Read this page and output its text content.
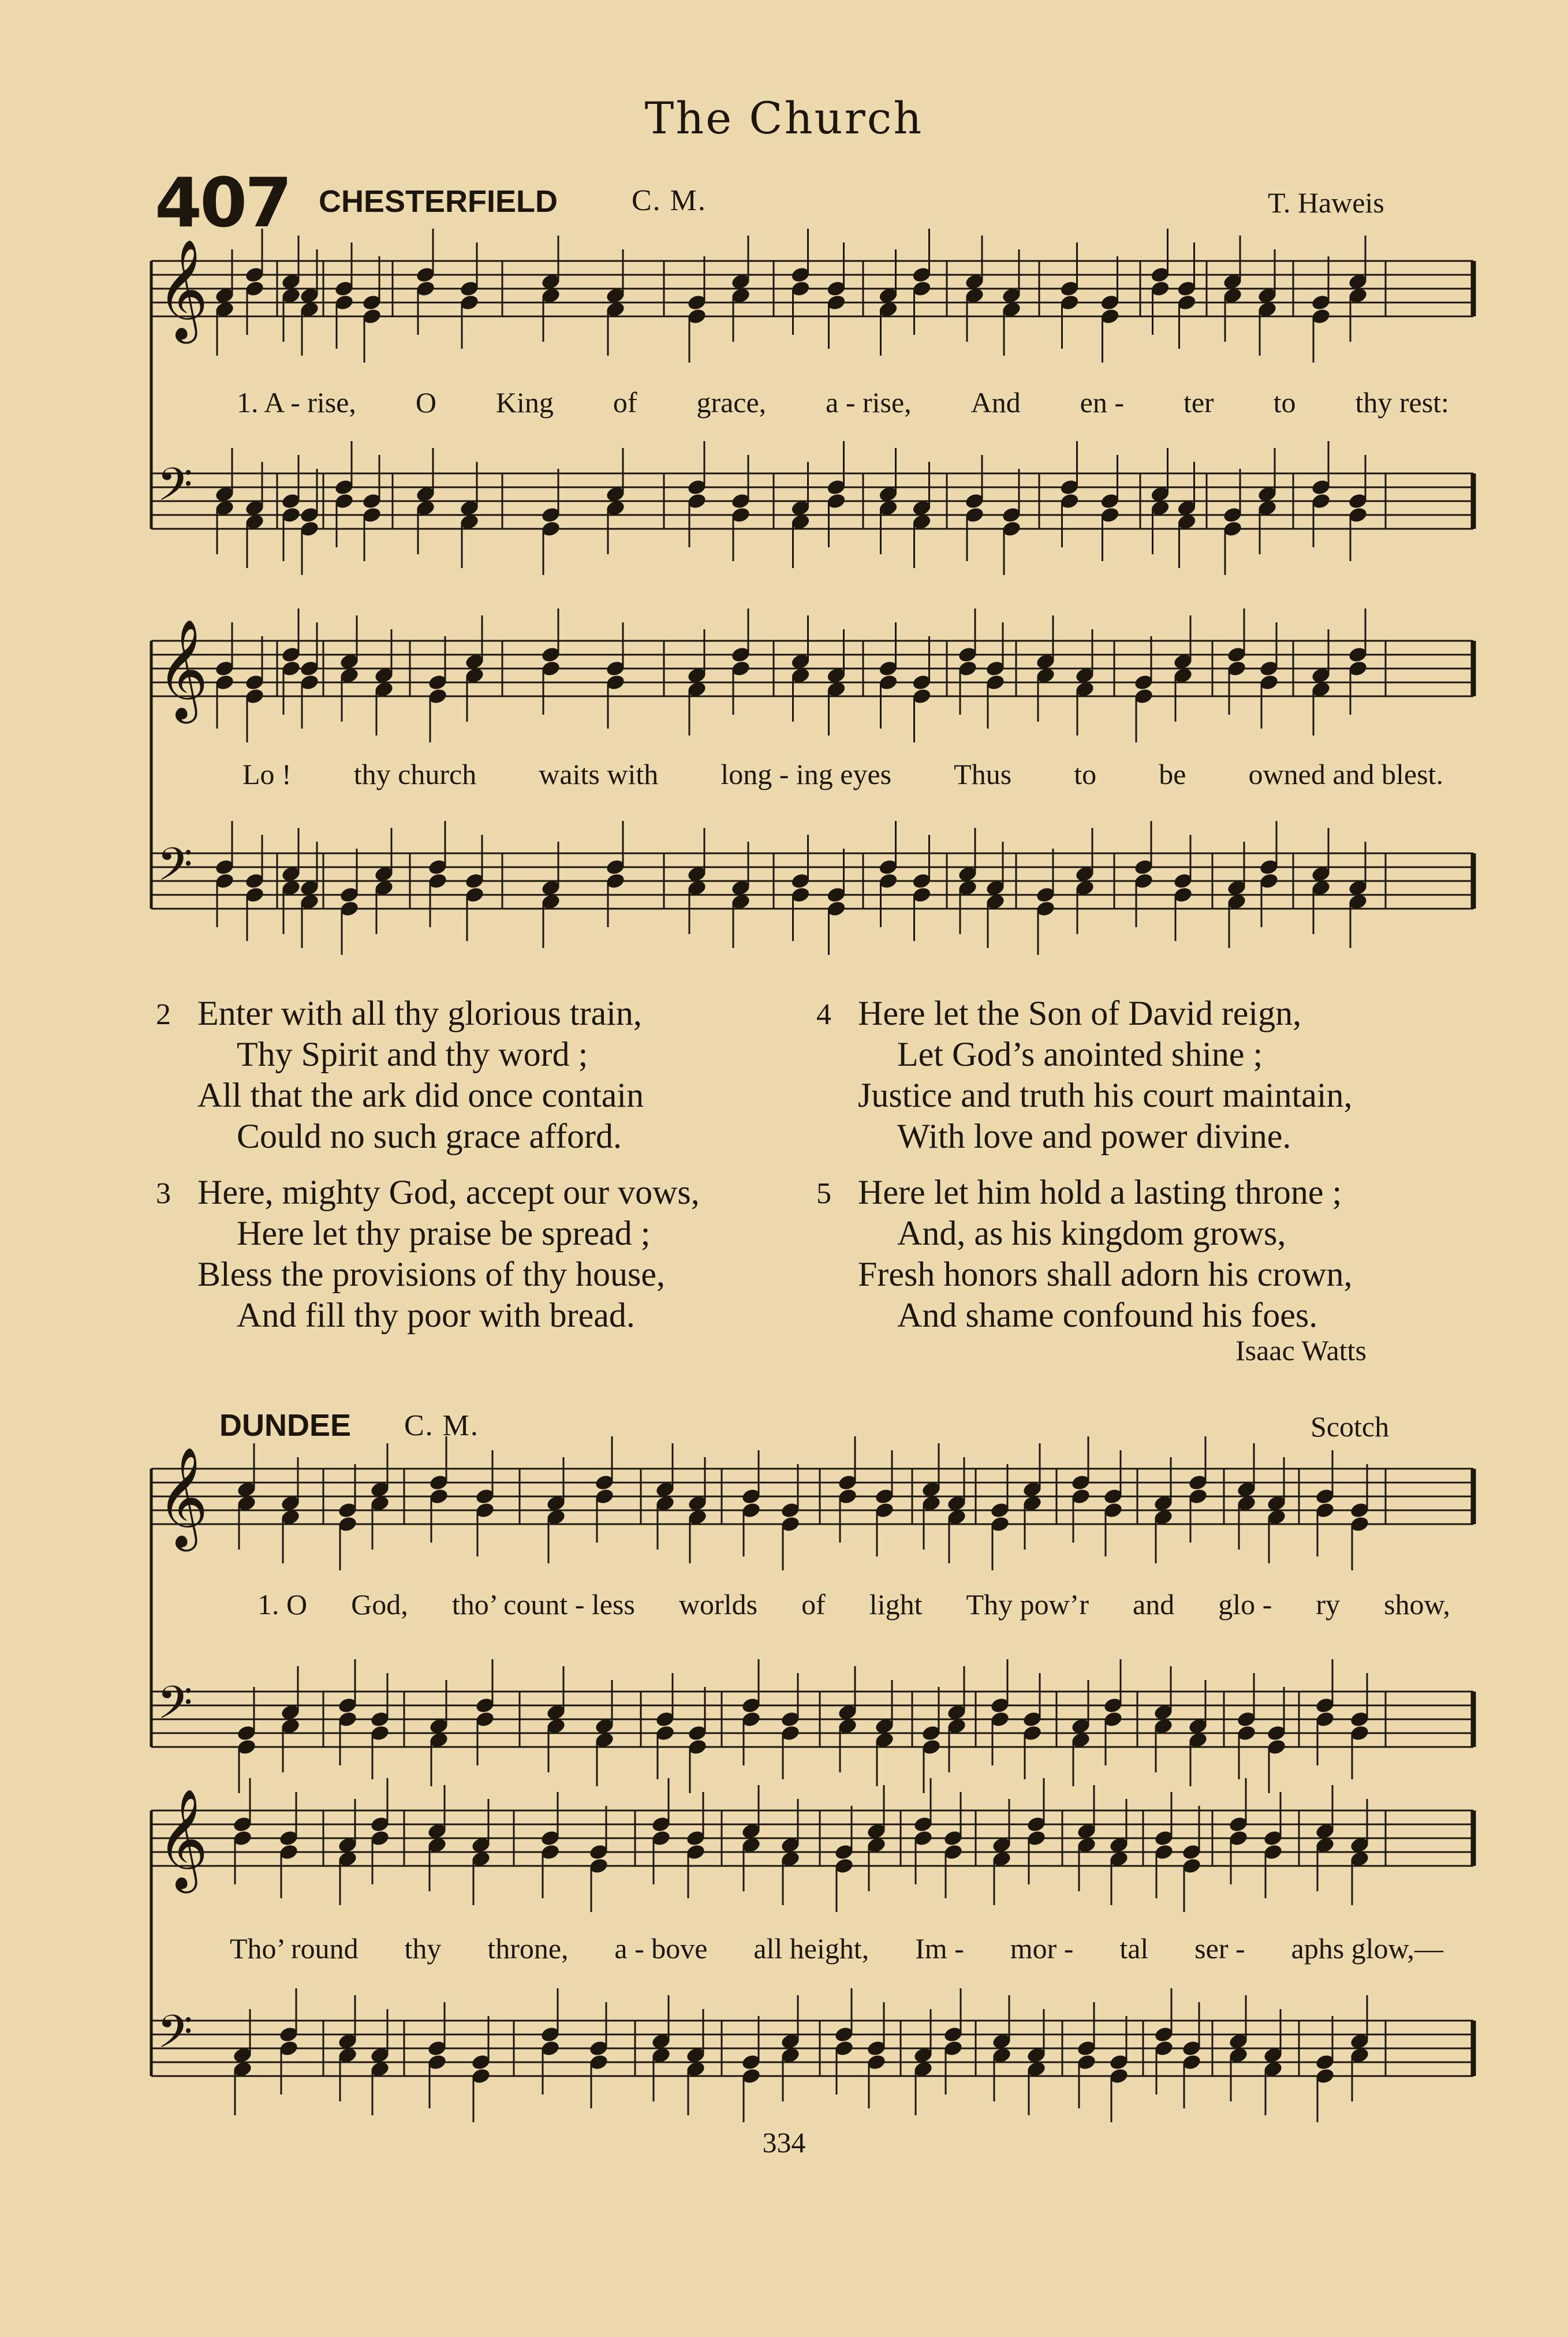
The Church
407 CHESTERFIELD C. M.	T. Haweis
𝄞
𝄢
𝄞
𝄢
𝄞
𝄢
𝄞
𝄢
1. A - rise, O King of grace, a - rise, And en - ter to thy rest:
Lo ! thy church waits with long - ing eyes Thus to be owned and blest.
2 Enter with all thy glorious train,
Thy Spirit and thy word ;
All that the ark did once contain
Could no such grace afford.
3 Here, mighty God, accept our vows,
Here let thy praise be spread ;
Bless the provisions of thy house,
And fill thy poor with bread.
4 Here let the Son of David reign,
Let God’s anointed shine ;
Justice and truth his court maintain,
With love and power divine.
5 Here let him hold a lasting throne ;
And, as his kingdom grows,
Fresh honors shall adorn his crown,
And shame confound his foes.
Isaac Watts
DUNDEE C. M.	Scotch
1. O God, tho’ count - less worlds of light Thy pow’r and glo - ry show,
Tho’ round thy throne, a - bove all height, Im - mor - tal ser - aphs glow,—
334
